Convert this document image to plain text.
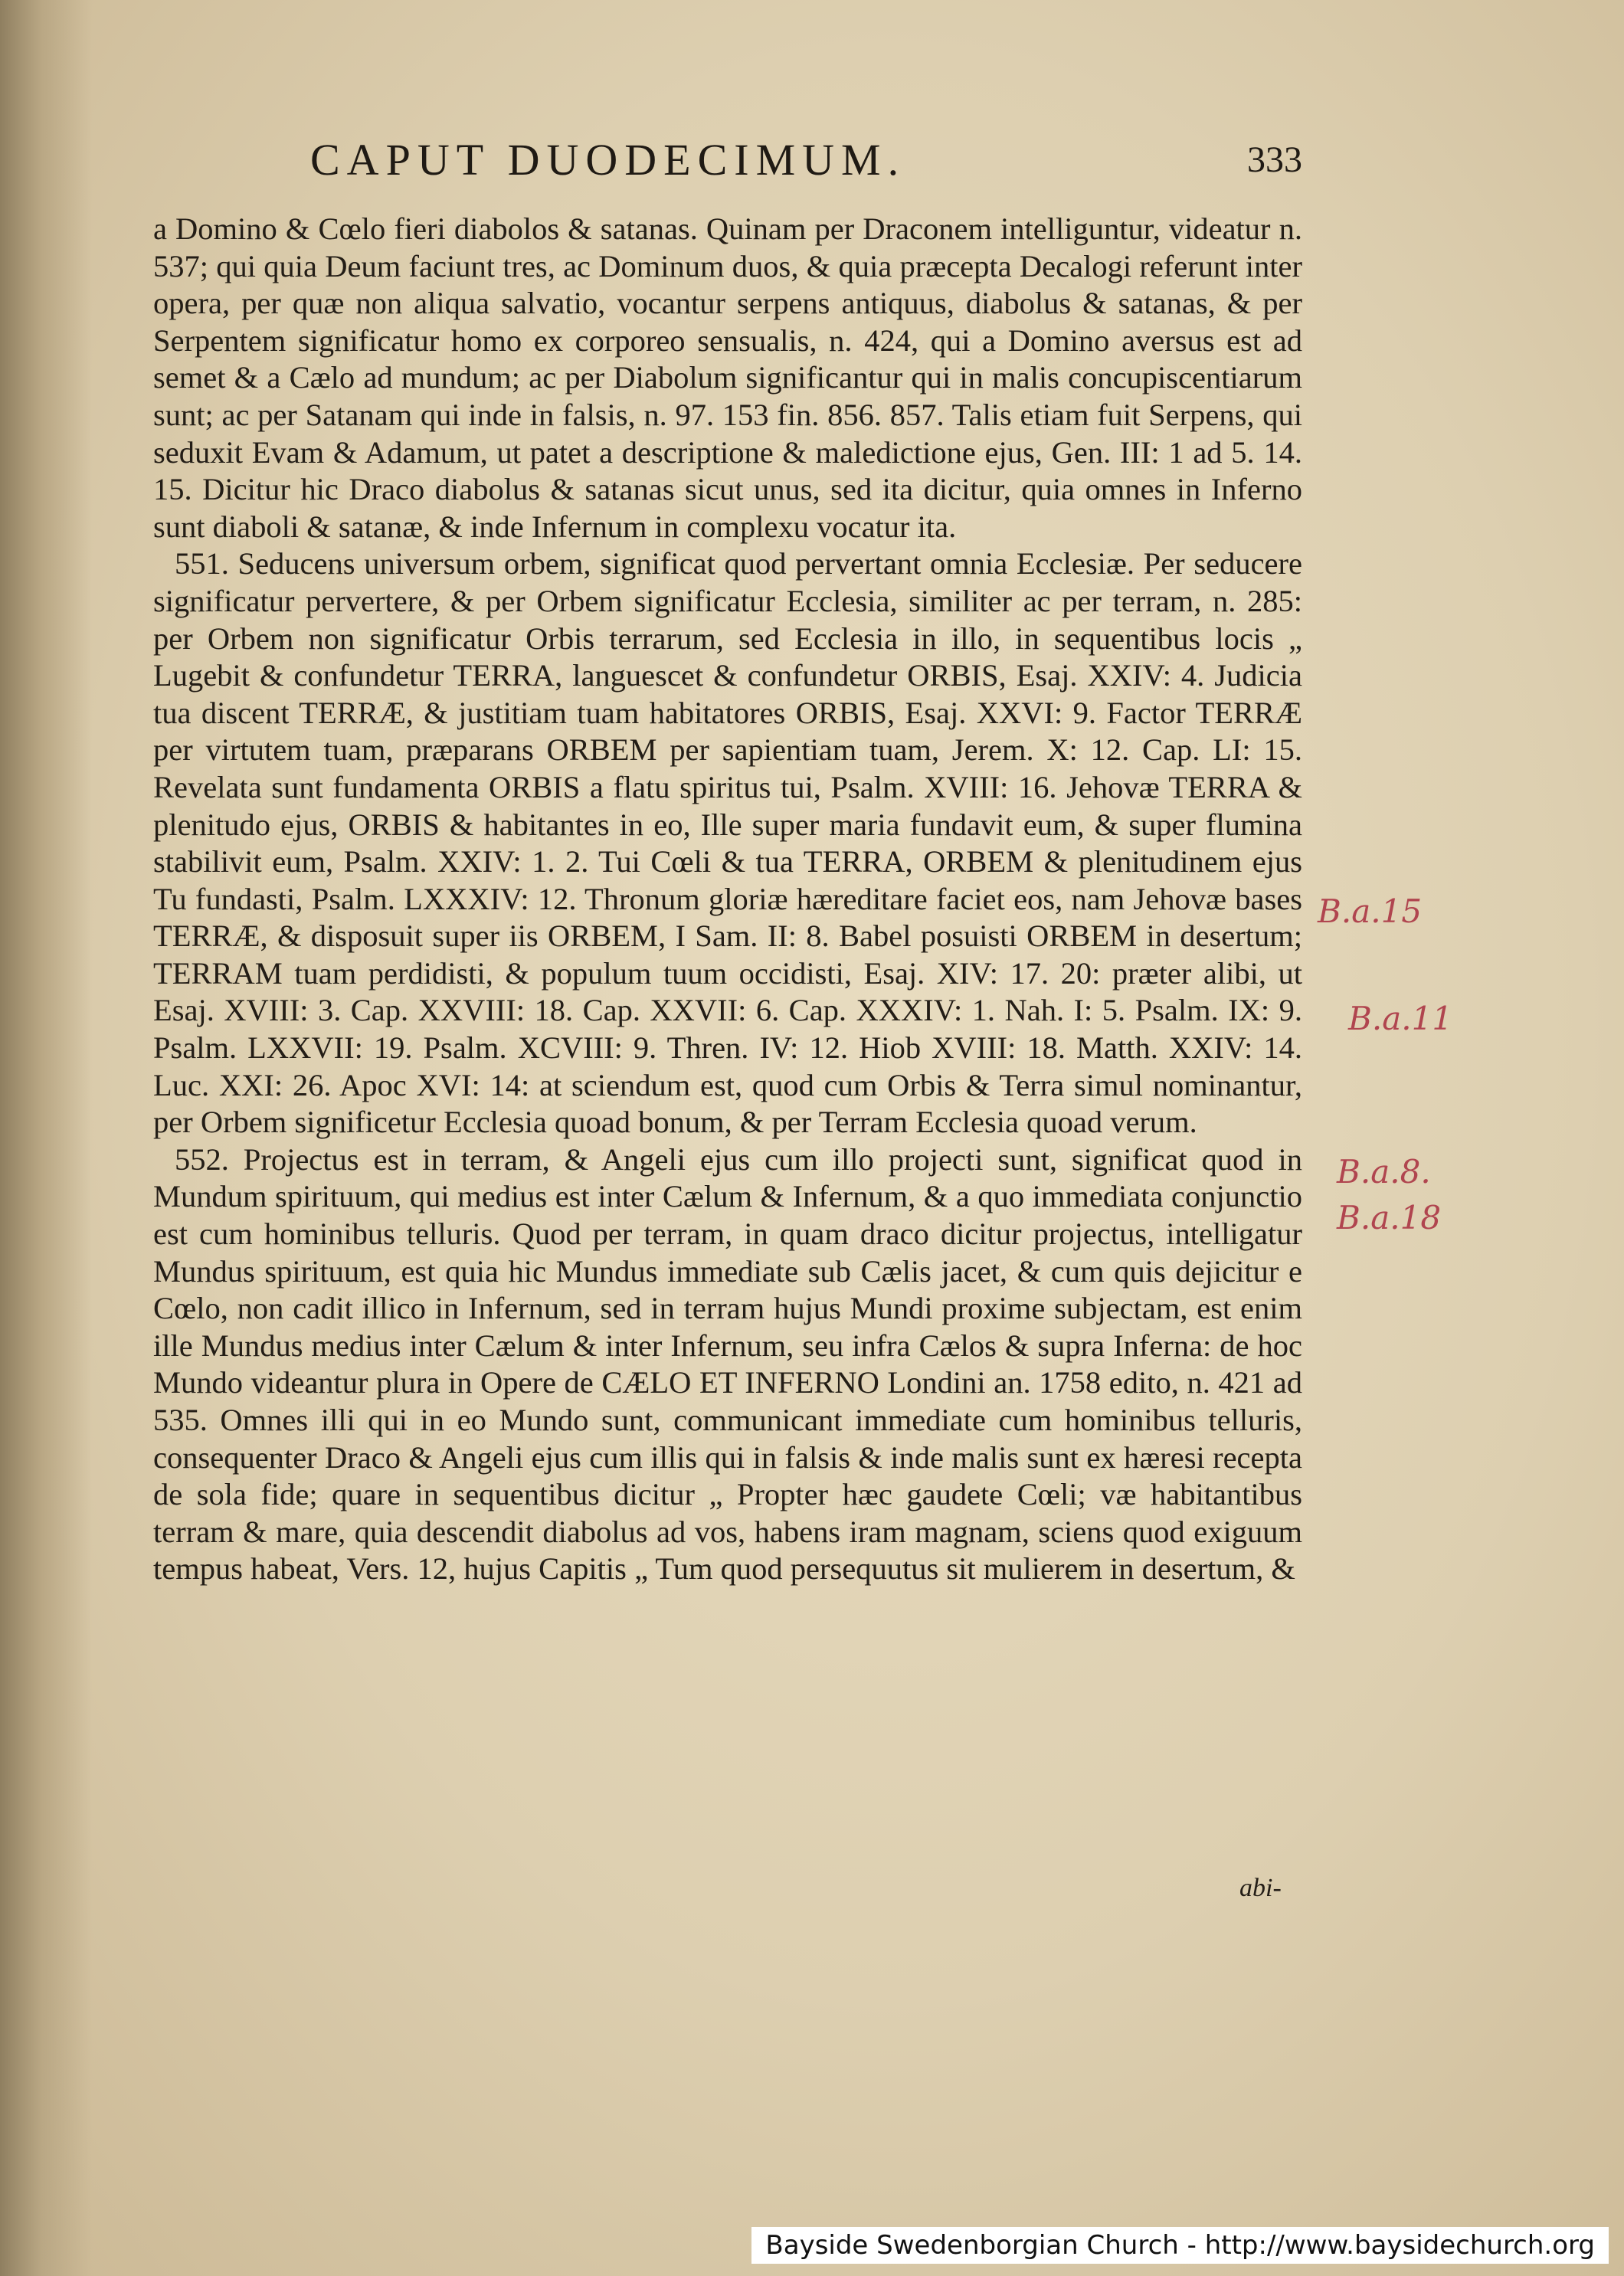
CAPUT DUODECIMUM.	333

a Domino & Cœlo fieri diabolos & satanas. Quinam per Draconem intelliguntur, videatur n. 537; qui quia Deum faciunt tres, ac Dominum duos, & quia præcepta Decalogi referunt inter opera, per quæ non aliqua salvatio, vocantur serpens antiquus, diabolus & satanas, & per Serpentem significatur homo ex corporeo sensualis, n. 424, qui a Domino aversus est ad semet & a Cælo ad mundum; ac per Diabolum significantur qui in malis concupiscentiarum sunt; ac per Satanam qui inde in falsis, n. 97. 153 fin. 856. 857. Talis etiam fuit Serpens, qui seduxit Evam & Adamum, ut patet a descriptione & maledictione ejus, Gen. III: 1 ad 5. 14. 15. Dicitur hic Draco diabolus & satanas sicut unus, sed ita dicitur, quia omnes in Inferno sunt diaboli & satanæ, & inde Infernum in complexu vocatur ita.

551. Seducens universum orbem, significat quod pervertant omnia Ecclesiæ. Per seducere significatur pervertere, & per Orbem significatur Ecclesia, similiter ac per terram, n. 285: per Orbem non significatur Orbis terrarum, sed Ecclesia in illo, in sequentibus locis „ Lugebit & confundetur TERRA, languescet & confundetur ORBIS, Esaj. XXIV: 4. Judicia tua discent TERRÆ, & justitiam tuam habitatores ORBIS, Esaj. XXVI: 9. Factor TERRÆ per virtutem tuam, præparans ORBEM per sapientiam tuam, Jerem. X: 12. Cap. LI: 15. Revelata sunt fundamenta ORBIS a flatu spiritus tui, Psalm. XVIII: 16. Jehovæ TERRA & plenitudo ejus, ORBIS & habitantes in eo, Ille super maria fundavit eum, & super flumina stabilivit eum, Psalm. XXIV: 1. 2. Tui Cœli & tua TERRA, ORBEM & plenitudinem ejus Tu fundasti, Psalm. LXXXIV: 12. Thronum gloriæ hæreditare faciet eos, nam Jehovæ bases TERRÆ, & disposuit super iis ORBEM, I Sam. II: 8. Babel posuisti ORBEM in desertum; TERRAM tuam perdidisti, & populum tuum occidisti, Esaj. XIV: 17. 20: præter alibi, ut Esaj. XVIII: 3. Cap. XXVIII: 18. Cap. XXVII: 6. Cap. XXXIV: 1. Nah. I: 5. Psalm. IX: 9. Psalm. LXXVII: 19. Psalm. XCVIII: 9. Thren. IV: 12. Hiob XVIII: 18. Matth. XXIV: 14. Luc. XXI: 26. Apoc XVI: 14: at sciendum est, quod cum Orbis & Terra simul nominantur, per Orbem significetur Ecclesia quoad bonum, & per Terram Ecclesia quoad verum.

552. Projectus est in terram, & Angeli ejus cum illo projecti sunt, significat quod in Mundum spirituum, qui medius est inter Cælum & Infernum, & a quo immediata conjunctio est cum hominibus telluris. Quod per terram, in quam draco dicitur projectus, intelligatur Mundus spirituum, est quia hic Mundus immediate sub Cælis jacet, & cum quis dejicitur e Cœlo, non cadit illico in Infernum, sed in terram hujus Mundi proxime subjectam, est enim ille Mundus medius inter Cælum & inter Infernum, seu infra Cælos & supra Inferna: de hoc Mundo videantur plura in Opere de CÆLO ET INFERNO Londini an. 1758 edito, n. 421 ad 535. Omnes illi qui in eo Mundo sunt, communicant immediate cum hominibus telluris, consequenter Draco & Angeli ejus cum illis qui in falsis & inde malis sunt ex hæresi recepta de sola fide; quare in sequentibus dicitur „ Propter hæc gaudete Cœli; væ habitantibus terram & mare, quia descendit diabolus ad vos, habens iram magnam, sciens quod exiguum tempus habeat, Vers. 12, hujus Capitis „ Tum quod persequutus sit mulierem in desertum, &

abi-
B.a.15
B.a.11
B.a.8.
B.a.18
Bayside Swedenborgian Church - http://www.baysidechurch.org
